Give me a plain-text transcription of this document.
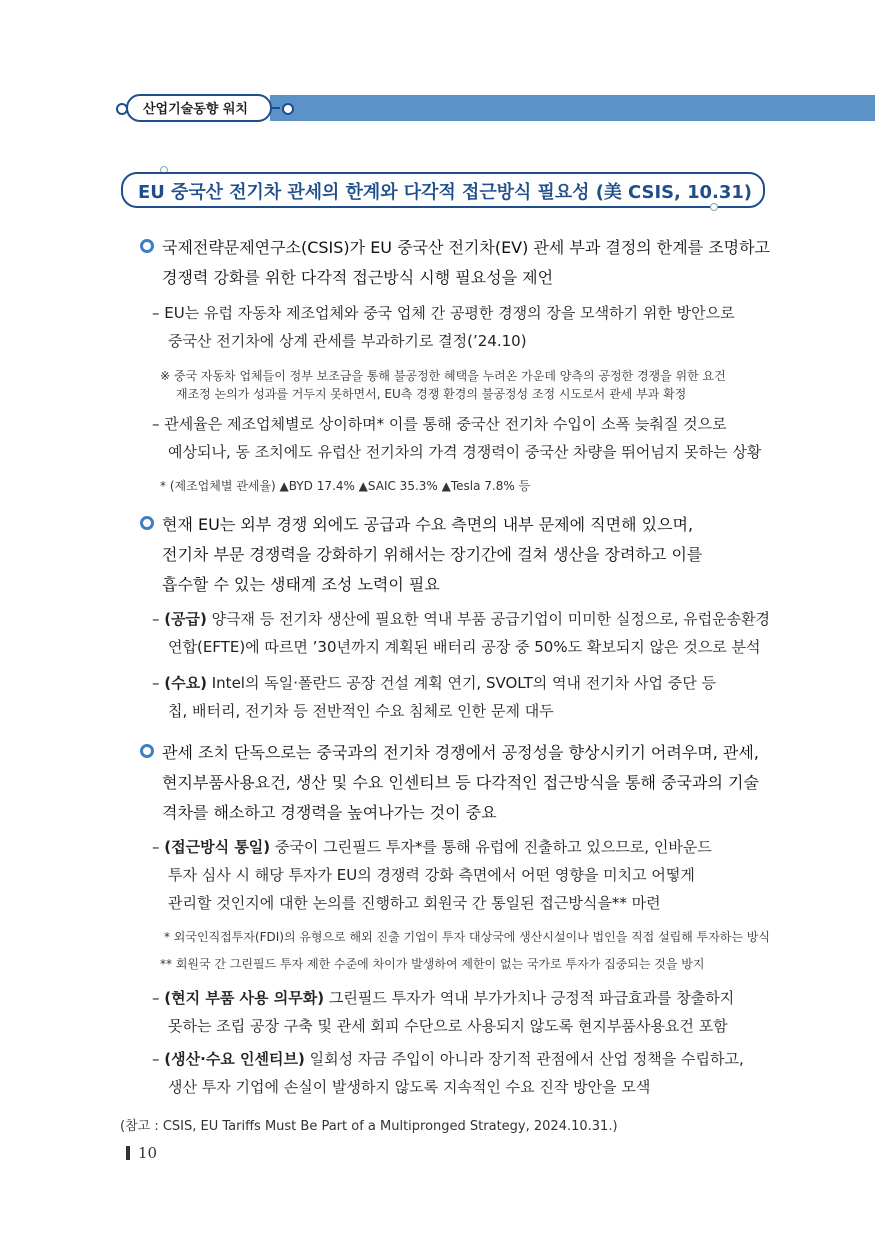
산업기술동향 워치
EU 중국산 전기차 관세의 한계와 다각적 접근방식 필요성 (美 CSIS, 10.31)
국제전략문제연구소(CSIS)가 EU 중국산 전기차(EV) 관세 부과 결정의 한계를 조명하고
경쟁력 강화를 위한 다각적 접근방식 시행 필요성을 제언
– EU는 유럽 자동차 제조업체와 중국 업체 간 공평한 경쟁의 장을 모색하기 위한 방안으로
중국산 전기차에 상계 관세를 부과하기로 결정(’24.10)
※ 중국 자동차 업체들이 정부 보조금을 통해 불공정한 혜택을 누려온 가운데 양측의 공정한 경쟁을 위한 요건
재조정 논의가 성과를 거두지 못하면서, EU측 경쟁 환경의 불공정성 조정 시도로서 관세 부과 확정
– 관세율은 제조업체별로 상이하며* 이를 통해 중국산 전기차 수입이 소폭 늦춰질 것으로
예상되나, 동 조치에도 유럽산 전기차의 가격 경쟁력이 중국산 차량을 뛰어넘지 못하는 상황
* (제조업체별 관세율) ▲BYD 17.4% ▲SAIC 35.3% ▲Tesla 7.8% 등
현재 EU는 외부 경쟁 외에도 공급과 수요 측면의 내부 문제에 직면해 있으며,
전기차 부문 경쟁력을 강화하기 위해서는 장기간에 걸쳐 생산을 장려하고 이를
흡수할 수 있는 생태계 조성 노력이 필요
– (공급) 양극재 등 전기차 생산에 필요한 역내 부품 공급기업이 미미한 실정으로, 유럽운송환경
연합(EFTE)에 따르면 ’30년까지 계획된 배터리 공장 중 50%도 확보되지 않은 것으로 분석
– (수요) Intel의 독일·폴란드 공장 건설 계획 연기, SVOLT의 역내 전기차 사업 중단 등
칩, 배터리, 전기차 등 전반적인 수요 침체로 인한 문제 대두
관세 조치 단독으로는 중국과의 전기차 경쟁에서 공정성을 향상시키기 어려우며, 관세,
현지부품사용요건, 생산 및 수요 인센티브 등 다각적인 접근방식을 통해 중국과의 기술
격차를 해소하고 경쟁력을 높여나가는 것이 중요
– (접근방식 통일) 중국이 그린필드 투자*를 통해 유럽에 진출하고 있으므로, 인바운드
투자 심사 시 해당 투자가 EU의 경쟁력 강화 측면에서 어떤 영향을 미치고 어떻게
관리할 것인지에 대한 논의를 진행하고 회원국 간 통일된 접근방식을** 마련
* 외국인직접투자(FDI)의 유형으로 해외 진출 기업이 투자 대상국에 생산시설이나 법인을 직접 설립해 투자하는 방식
** 회원국 간 그린필드 투자 제한 수준에 차이가 발생하여 제한이 없는 국가로 투자가 집중되는 것을 방지
– (현지 부품 사용 의무화) 그린필드 투자가 역내 부가가치나 긍정적 파급효과를 창출하지
못하는 조립 공장 구축 및 관세 회피 수단으로 사용되지 않도록 현지부품사용요건 포함
– (생산·수요 인센티브) 일회성 자금 주입이 아니라 장기적 관점에서 산업 정책을 수립하고,
생산 투자 기업에 손실이 발생하지 않도록 지속적인 수요 진작 방안을 모색
(참고 : CSIS, EU Tariffs Must Be Part of a Multipronged Strategy, 2024.10.31.)
10
